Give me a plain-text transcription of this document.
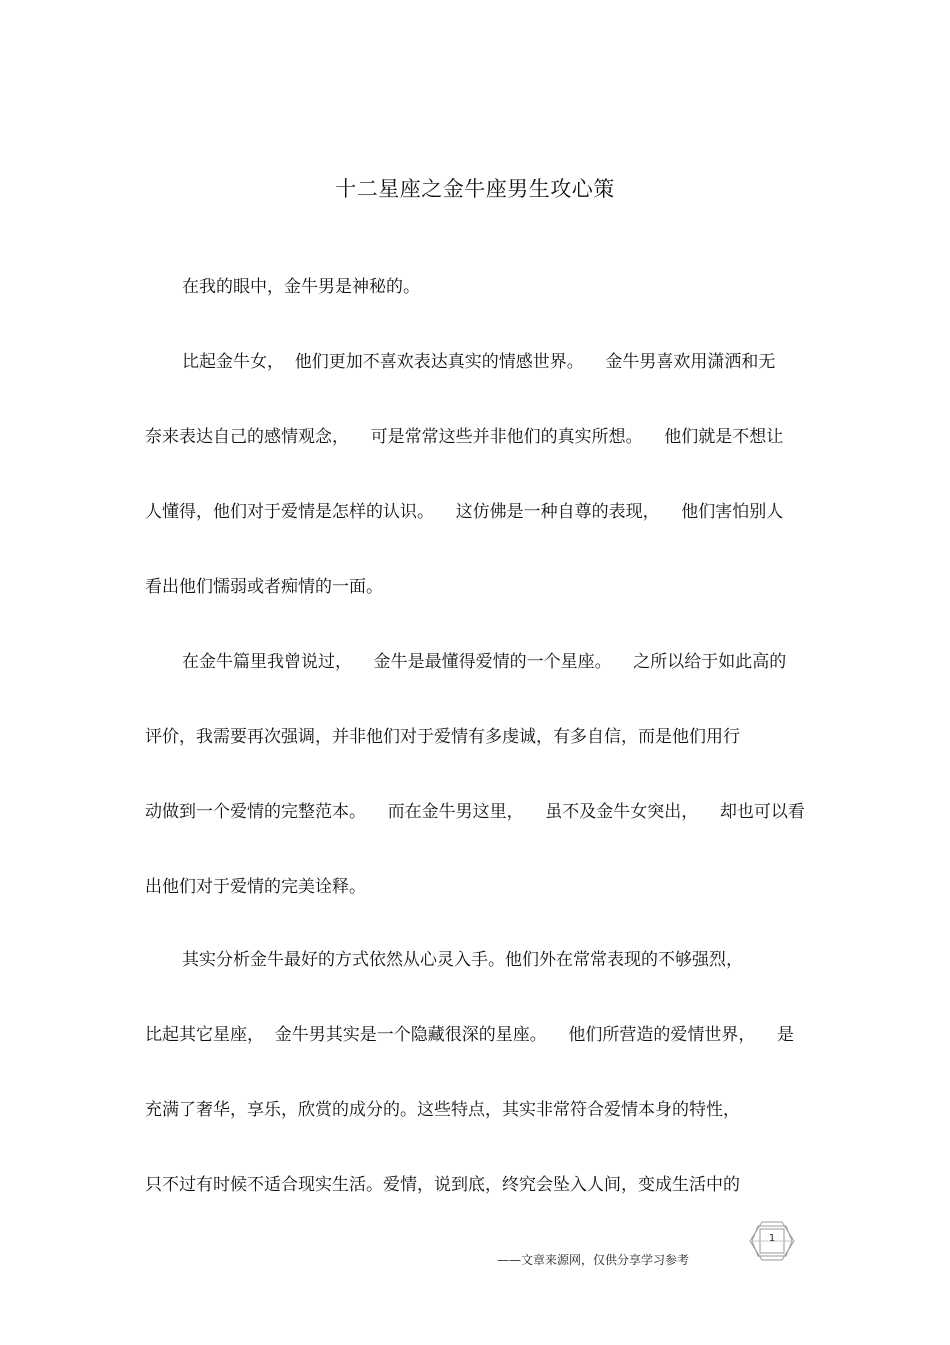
十二星座之金牛座男生攻心策

在我的眼中，金牛男是神秘的。

比起金牛女，  他们更加不喜欢表达真实的情感世界。    金牛男喜欢用潇洒和无

奈来表达自己的感情观念，    可是常常这些并非他们的真实所想。    他们就是不想让

人懂得，他们对于爱情是怎样的认识。    这仿佛是一种自尊的表现，    他们害怕别人

看出他们懦弱或者痴情的一面。

在金牛篇里我曾说过，    金牛是最懂得爱情的一个星座。    之所以给于如此高的

评价，我需要再次强调，并非他们对于爱情有多虔诚，有多自信，而是他们用行

动做到一个爱情的完整范本。    而在金牛男这里，    虽不及金牛女突出，    却也可以看

出他们对于爱情的完美诠释。

其实分析金牛最好的方式依然从心灵入手。他们外在常常表现的不够强烈，

比起其它星座，  金牛男其实是一个隐藏很深的星座。    他们所营造的爱情世界，    是

充满了奢华，享乐，欣赏的成分的。这些特点，其实非常符合爱情本身的特性，

只不过有时候不适合现实生活。爱情，说到底，终究会坠入人间，变成生活中的

——文章来源网，仅供分享学习参考
1
